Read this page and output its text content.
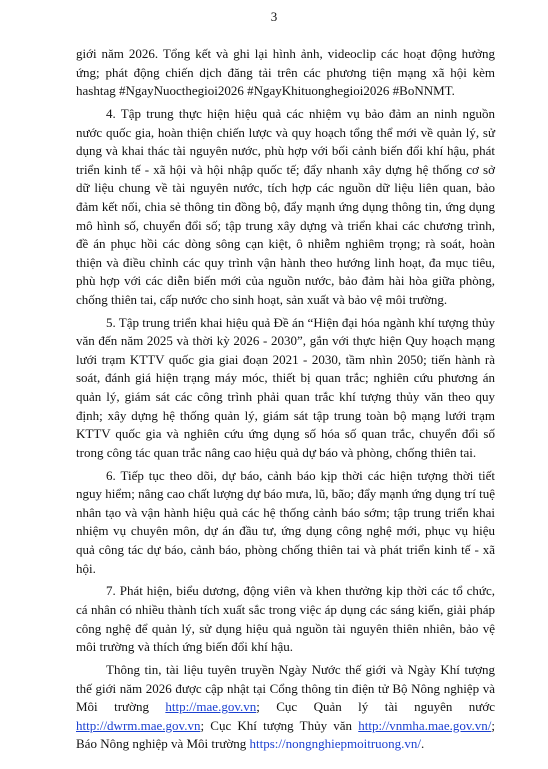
3

giới năm 2026. Tổng kết và ghi lại hình ảnh, videoclip các hoạt động hưởng ứng; phát động chiến dịch đăng tải trên các phương tiện mạng xã hội kèm hashtag #NgayNuocthegioi2026 #NgayKhituonghegioi2026 #BoNNMT.

4. Tập trung thực hiện hiệu quả các nhiệm vụ bảo đảm an ninh nguồn nước quốc gia, hoàn thiện chiến lược và quy hoạch tổng thể mới về quản lý, sử dụng và khai thác tài nguyên nước, phù hợp với bối cảnh biến đổi khí hậu, phát triển kinh tế - xã hội và hội nhập quốc tế; đẩy nhanh xây dựng hệ thống cơ sở dữ liệu chung về tài nguyên nước, tích hợp các nguồn dữ liệu liên quan, bảo đảm kết nối, chia sẻ thông tin đồng bộ, đẩy mạnh ứng dụng thông tin, ứng dụng mô hình số, chuyển đổi số; tập trung xây dựng và triển khai các chương trình, đề án phục hồi các dòng sông cạn kiệt, ô nhiễm nghiêm trọng; rà soát, hoàn thiện và điều chỉnh các quy trình vận hành theo hướng linh hoạt, đa mục tiêu, phù hợp với các diễn biến mới của nguồn nước, bảo đảm hài hòa giữa phòng, chống thiên tai, cấp nước cho sinh hoạt, sản xuất và bảo vệ môi trường.

5. Tập trung triển khai hiệu quả Đề án “Hiện đại hóa ngành khí tượng thủy văn đến năm 2025 và thời kỳ 2026 - 2030”, gắn với thực hiện Quy hoạch mạng lưới trạm KTTV quốc gia giai đoạn 2021 - 2030, tầm nhìn 2050; tiến hành rà soát, đánh giá hiện trạng máy móc, thiết bị quan trắc; nghiên cứu phương án quản lý, giám sát các công trình phải quan trắc khí tượng thủy văn theo quy định; xây dựng hệ thống quản lý, giám sát tập trung toàn bộ mạng lưới trạm KTTV quốc gia và nghiên cứu ứng dụng số hóa số quan trắc, chuyển đổi số trong công tác quan trắc nâng cao hiệu quả dự báo và phòng, chống thiên tai.

6. Tiếp tục theo dõi, dự báo, cảnh báo kịp thời các hiện tượng thời tiết nguy hiểm; nâng cao chất lượng dự báo mưa, lũ, bão; đẩy mạnh ứng dụng trí tuệ nhân tạo và vận hành hiệu quả các hệ thống cảnh báo sớm; tập trung triển khai nhiệm vụ chuyên môn, dự án đầu tư, ứng dụng công nghệ mới, phục vụ hiệu quả công tác dự báo, cảnh báo, phòng chống thiên tai và phát triển kinh tế - xã hội.

7. Phát hiện, biểu dương, động viên và khen thưởng kịp thời các tổ chức, cá nhân có nhiều thành tích xuất sắc trong việc áp dụng các sáng kiến, giải pháp công nghệ để quản lý, sử dụng hiệu quả nguồn tài nguyên thiên nhiên, bảo vệ môi trường và thích ứng biến đổi khí hậu.

Thông tin, tài liệu tuyên truyền Ngày Nước thế giới và Ngày Khí tượng thế giới năm 2026 được cập nhật tại Cổng thông tin điện tử Bộ Nông nghiệp và Môi trường http://mae.gov.vn; Cục Quản lý tài nguyên nước http://dwrm.mae.gov.vn; Cục Khí tượng Thủy văn http://vnmha.mae.gov.vn/; Báo Nông nghiệp và Môi trường https://nongnghiepmoitruong.vn/.
